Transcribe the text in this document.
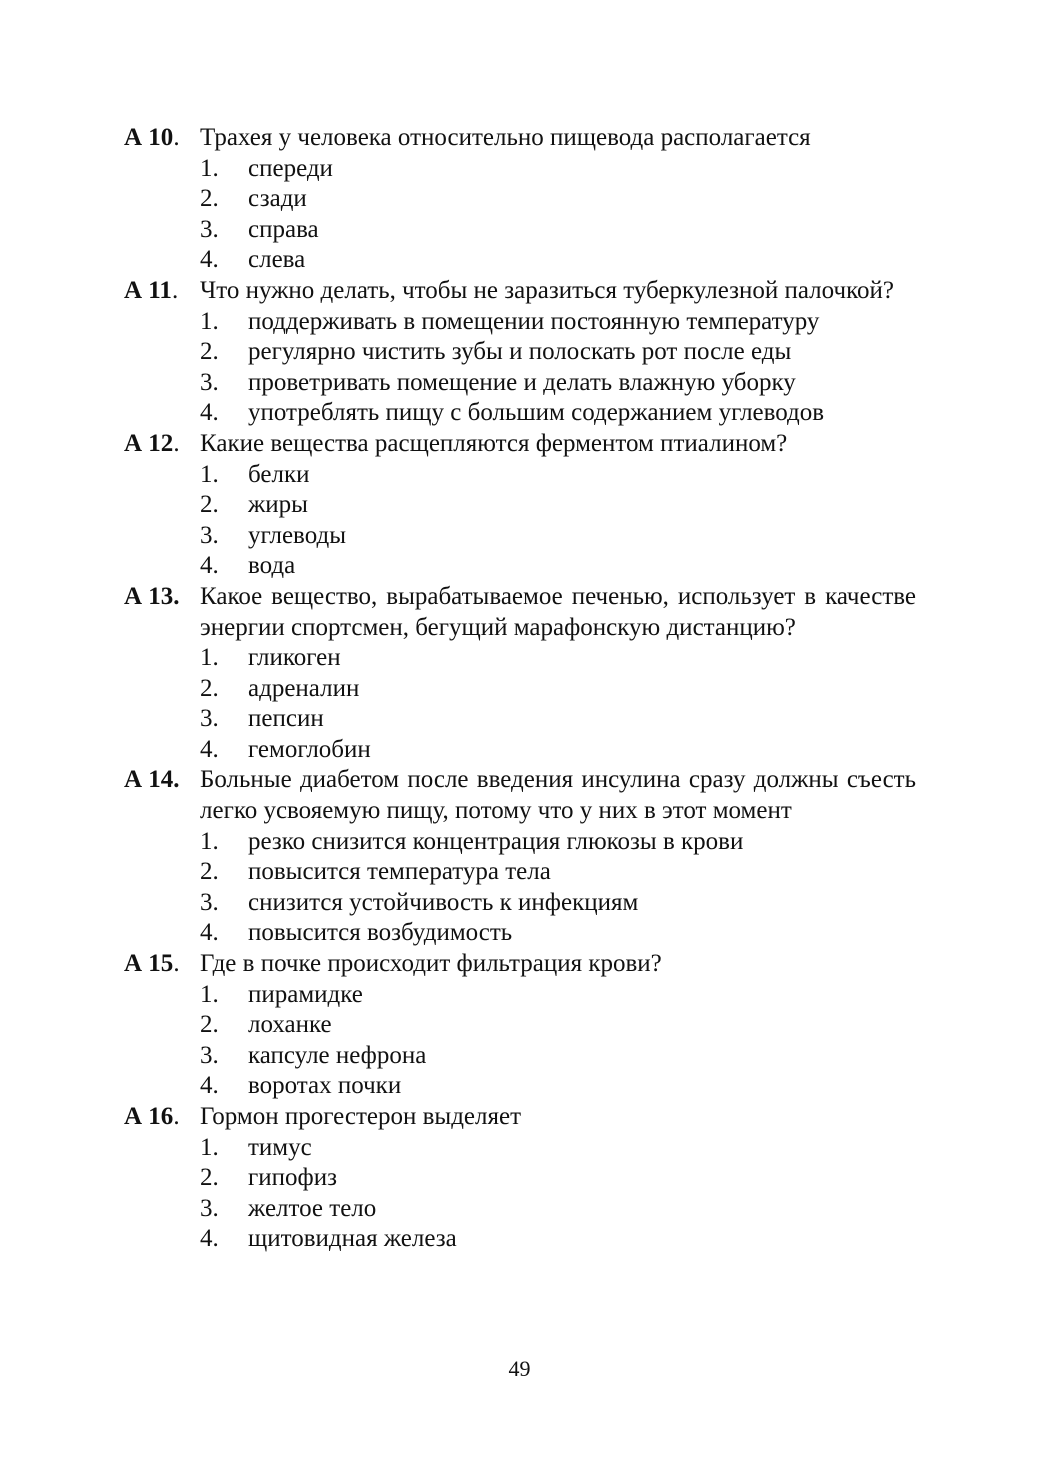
А 10. Трахея у человека относительно пищевода располагается
1.	спереди
2.	сзади
3.	справа
4.	слева
А 11. Что нужно делать, чтобы не заразиться туберкулезной палочкой?
1.	поддерживать в помещении постоянную температуру
2.	регулярно чистить зубы и полоскать рот после еды
3.	проветривать помещение и делать влажную уборку
4.	употреблять пищу с большим содержанием углеводов
А 12. Какие вещества расщепляются ферментом птиалином?
1.	белки
2.	жиры
3.	углеводы
4.	вода
А 13. Какое вещество, вырабатываемое печенью, использует в качестве энергии спортсмен, бегущий марафонскую дистанцию?
1.	гликоген
2.	адреналин
3.	пепсин
4.	гемоглобин
А 14. Больные диабетом после введения инсулина сразу должны съесть легко усвояемую пищу, потому что у них в этот момент
1.	резко снизится концентрация глюкозы в крови
2.	повысится температура тела
3.	снизится устойчивость к инфекциям
4.	повысится возбудимость
А 15. Где в почке происходит фильтрация крови?
1.	пирамидке
2.	лоханке
3.	капсуле нефрона
4.	воротах почки
А 16. Гормон прогестерон выделяет
1.	тимус
2.	гипофиз
3.	желтое тело
4.	щитовидная железа
49
